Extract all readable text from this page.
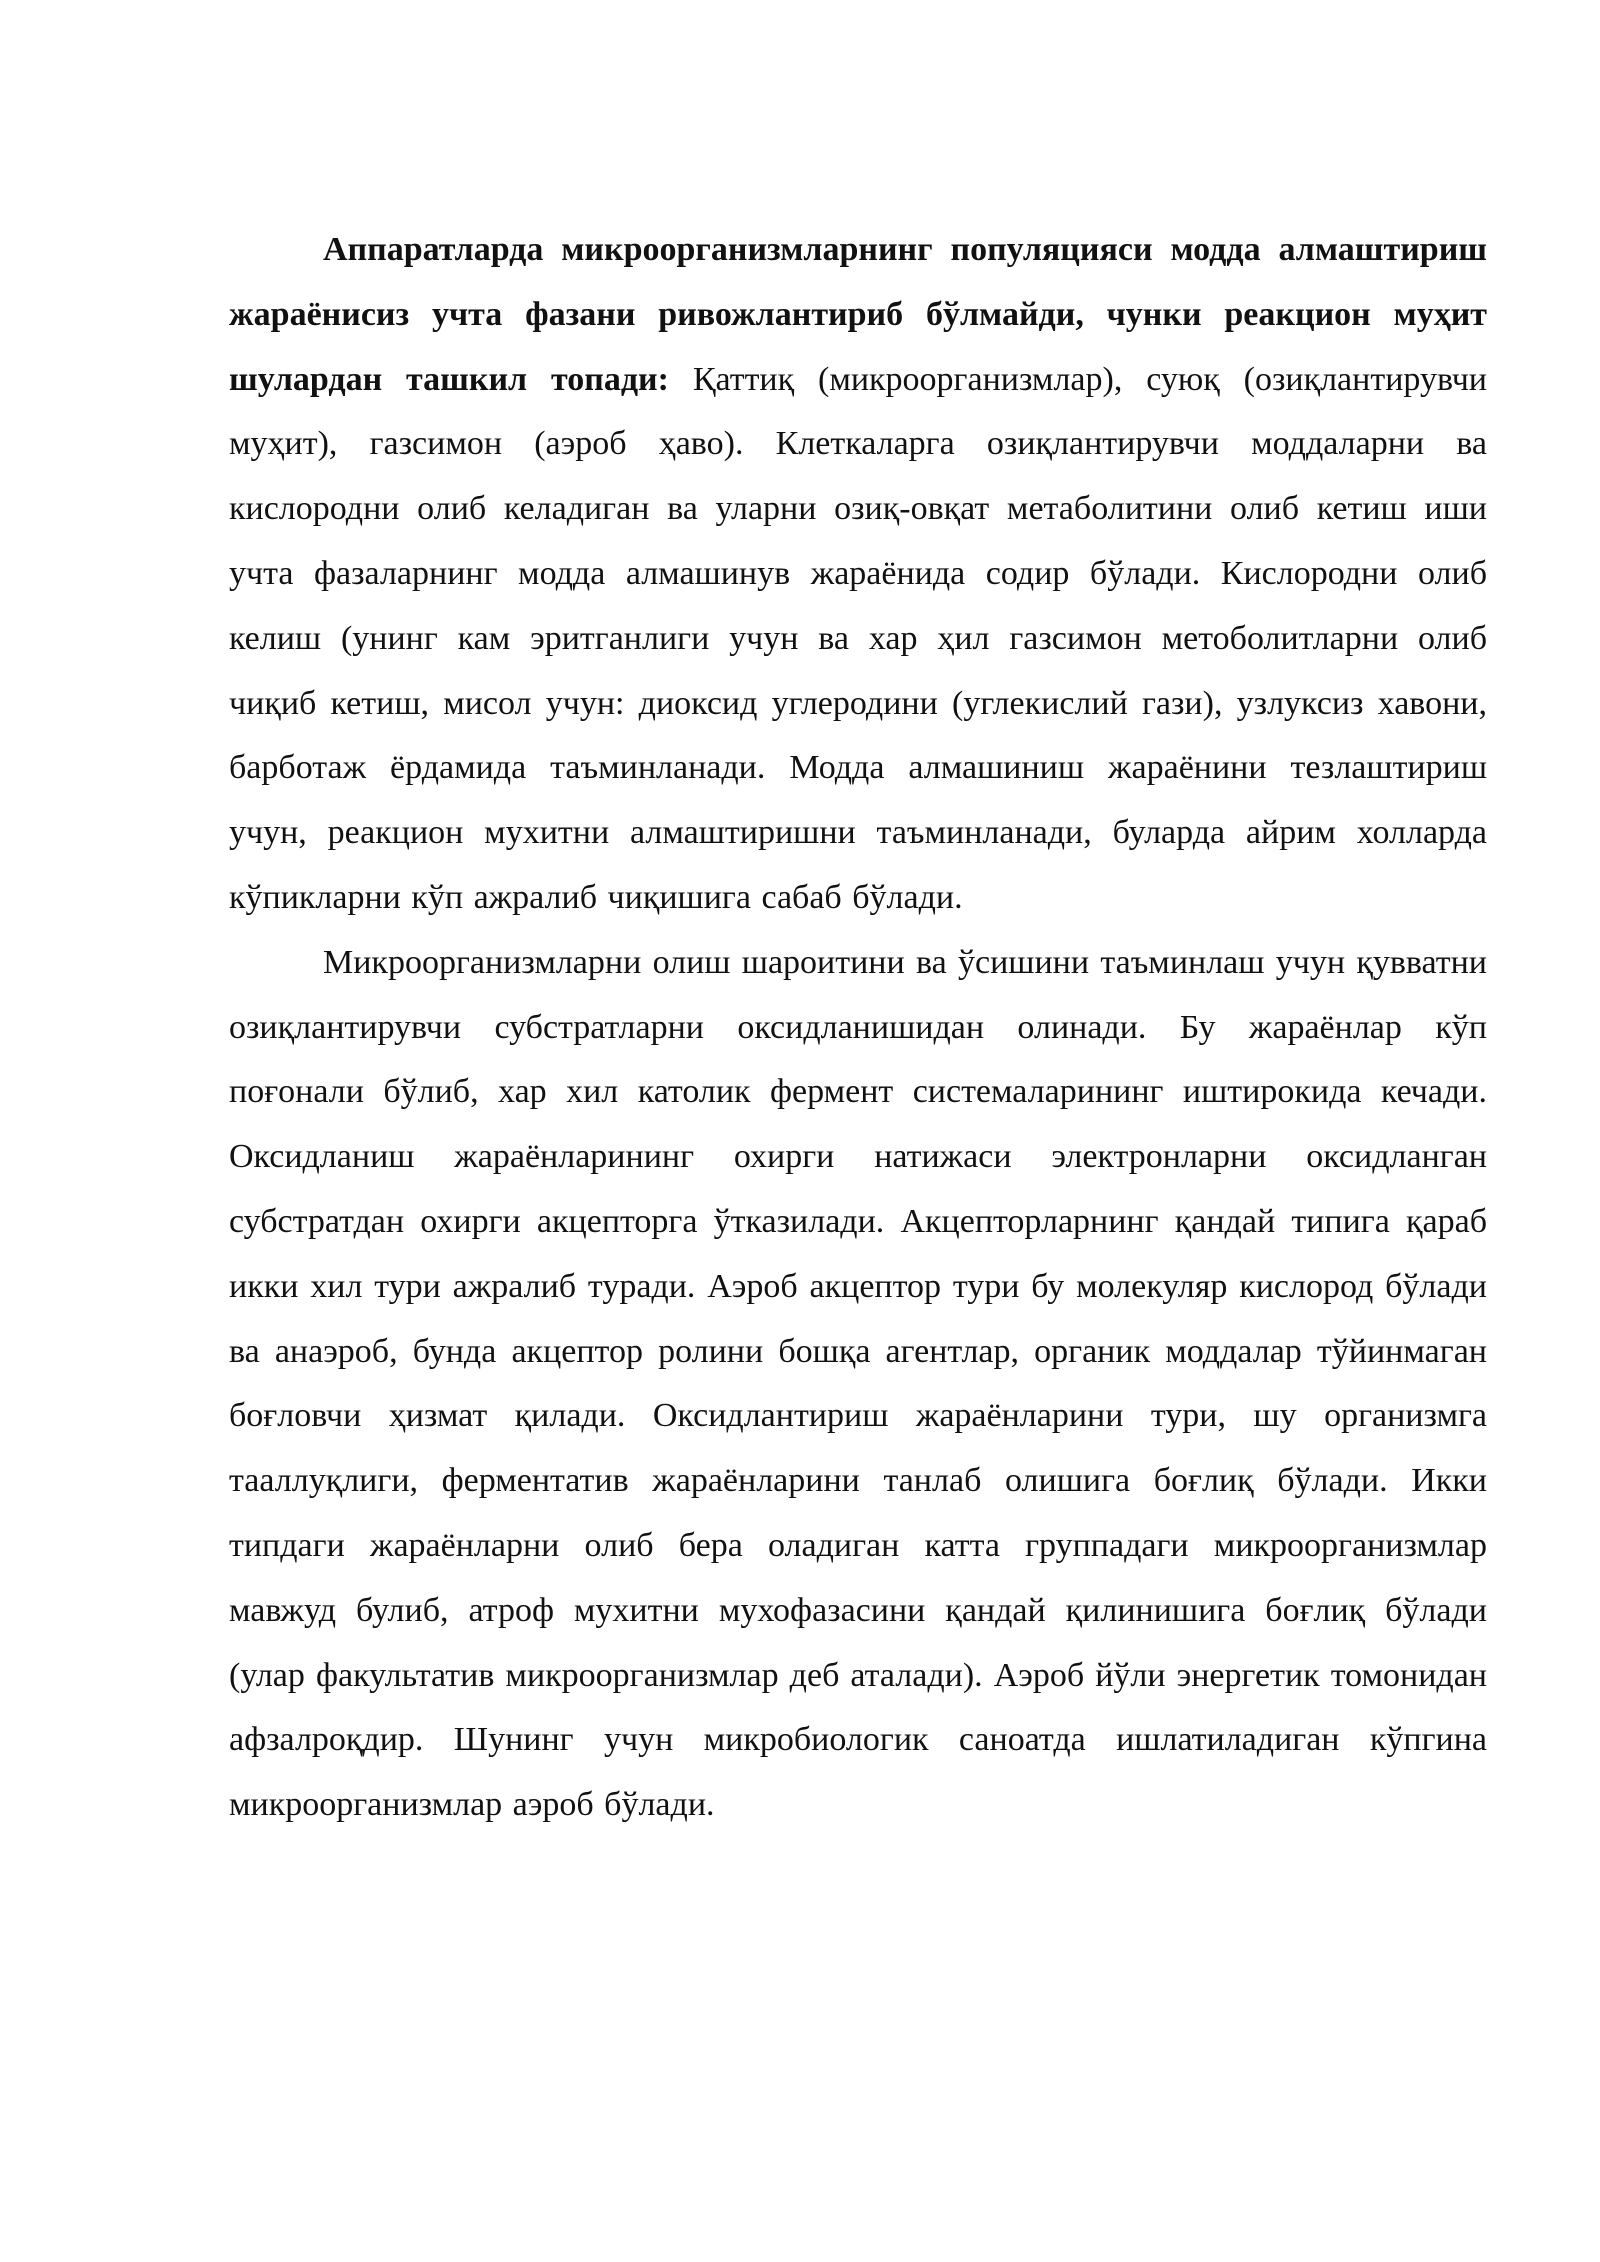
Аппаратларда микроорганизмларнинг популяцияси модда алмаштириш жараёнисиз учта фазани ривожлантириб бўлмайди, чунки реакцион муҳит шулардан ташкил топади: Қаттиқ (микроорганизмлар), суюқ (озиқлантирувчи муҳит), газсимон (аэроб ҳаво). Клеткаларга озиқлантирувчи моддаларни ва кислородни олиб келадиган ва уларни озиқ-овқат метаболитини олиб кетиш иши учта фазаларнинг модда алмашинув жараёнида содир бўлади. Кислородни олиб келиш (унинг кам эритганлиги учун ва хар ҳил газсимон метоболитларни олиб чиқиб кетиш, мисол учун: диоксид углеродини (углекислий гази), узлуксиз хавони, барботаж ёрдамида таъминланади. Модда алмашиниш жараёнини тезлаштириш учун, реакцион мухитни алмаштиришни таъминланади, буларда айрим холларда кўпикларни кўп ажралиб чиқишига сабаб бўлади.

Микроорганизмларни олиш шароитини ва ўсишини таъминлаш учун қувватни озиқлантирувчи субстратларни оксидланишидан олинади. Бу жараёнлар кўп поғонали бўлиб, хар хил католик фермент системаларининг иштирокида кечади. Оксидланиш жараёнларининг охирги натижаси электронларни оксидланган субстратдан охирги акцепторга ўтказилади. Акцепторларнинг қандай типига қараб икки хил тури ажралиб туради. Аэроб акцептор тури бу молекуляр кислород бўлади ва анаэроб, бунда акцептор ролини бошқа агентлар, органик моддалар тўйинмаган боғловчи ҳизмат қилади. Оксидлантириш жараёнларини тури, шу организмга тааллуқлиги, ферментатив жараёнларини танлаб олишига боғлиқ бўлади. Икки типдаги жараёнларни олиб бера оладиган катта группадаги микроорганизмлар мавжуд булиб, атроф мухитни мухофазасини қандай қилинишига боғлиқ бўлади (улар факультатив микроорганизмлар деб аталади). Аэроб йўли энергетик томонидан афзалроқдир. Шунинг учун микробиологик саноатда ишлатиладиган кўпгина микроорганизмлар аэроб бўлади.
